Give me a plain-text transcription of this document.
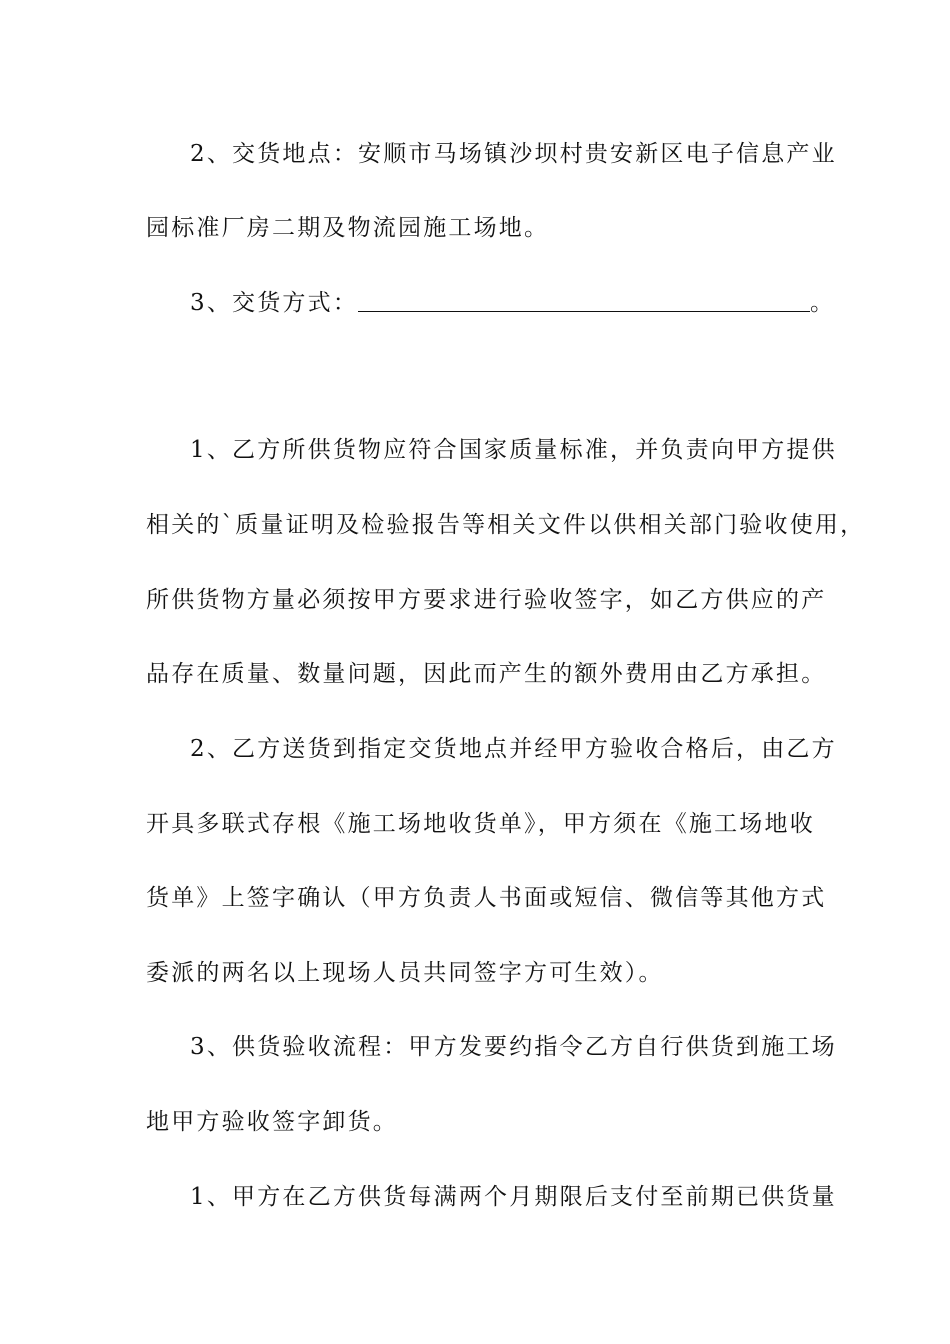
2、交货地点：安顺市马场镇沙坝村贵安新区电子信息产业
园标准厂房二期及物流园施工场地。
3、交货方式：	。
1、乙方所供货物应符合国家质量标准，并负责向甲方提供
相关的`质量证明及检验报告等相关文件以供相关部门验收使用，
所供货物方量必须按甲方要求进行验收签字，如乙方供应的产
品存在质量、数量问题，因此而产生的额外费用由乙方承担。
2、乙方送货到指定交货地点并经甲方验收合格后，由乙方
开具多联式存根《施工场地收货单》，甲方须在《施工场地收
货单》上签字确认（甲方负责人书面或短信、微信等其他方式
委派的两名以上现场人员共同签字方可生效）。
3、供货验收流程：甲方发要约指令乙方自行供货到施工场
地甲方验收签字卸货。
1、甲方在乙方供货每满两个月期限后支付至前期已供货量
